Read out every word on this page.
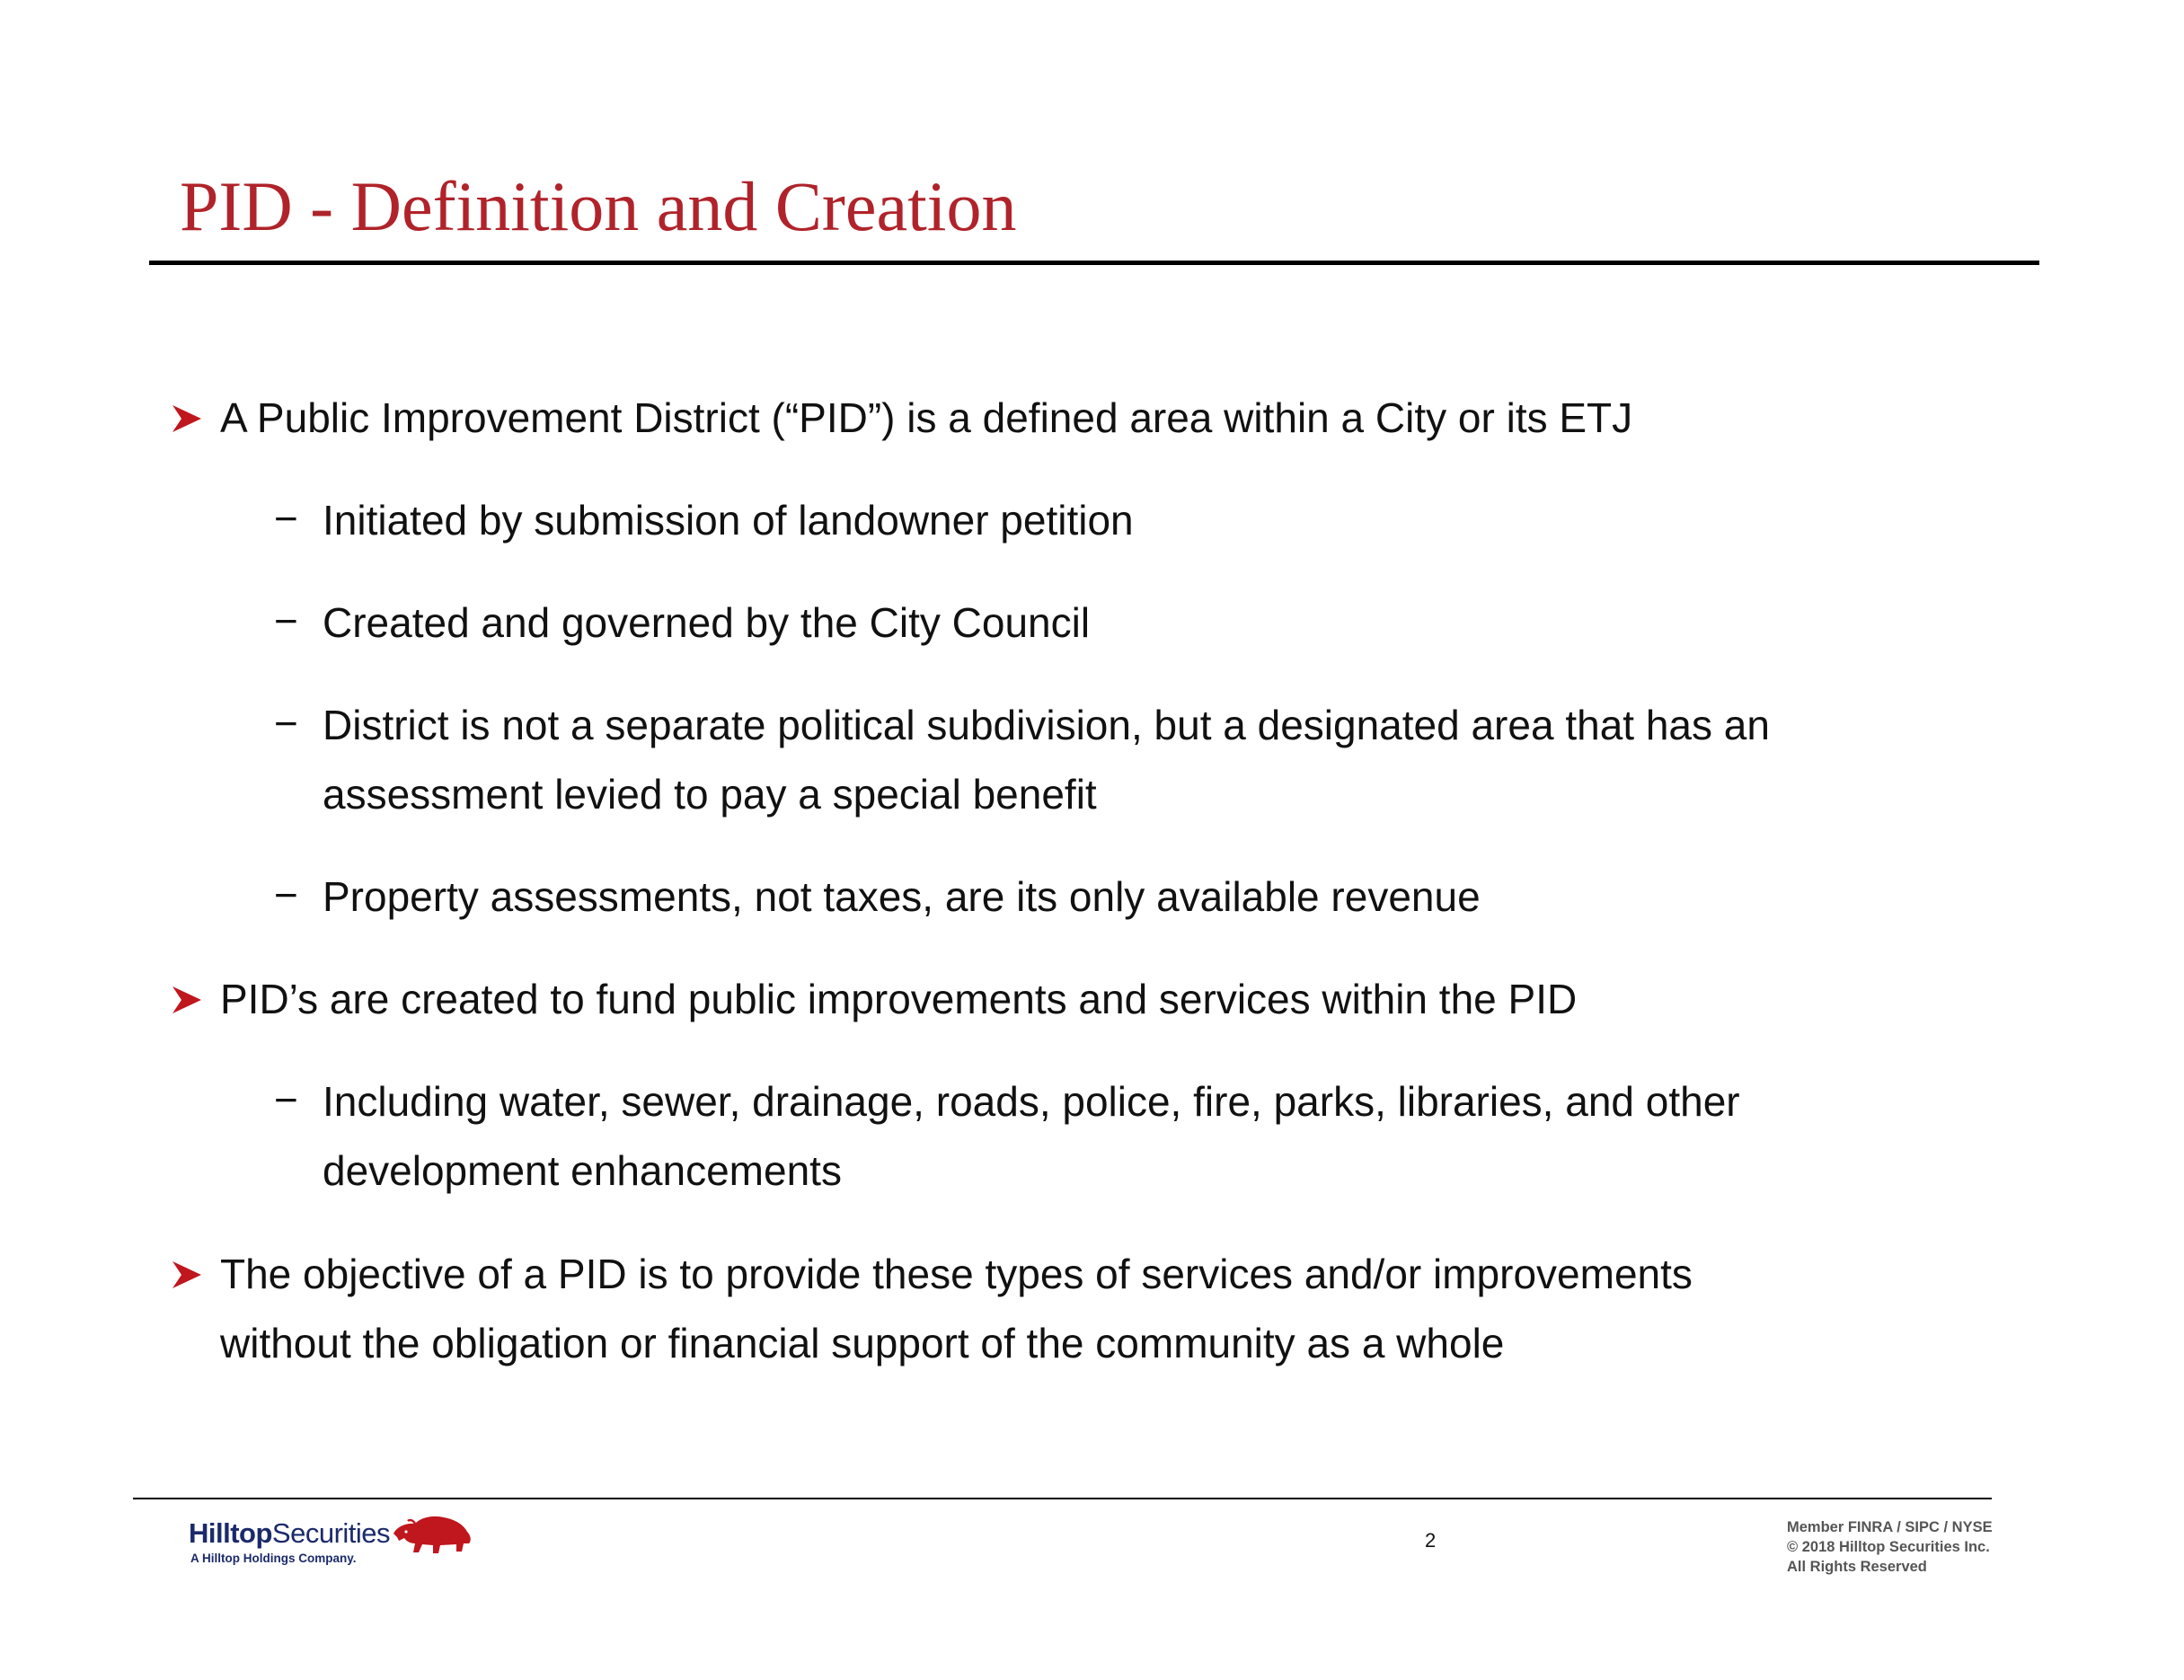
PID - Definition and Creation
A Public Improvement District (“PID”) is a defined area within a City or its ETJ
− Initiated by submission of landowner petition
− Created and governed by the City Council
− District is not a separate political subdivision, but a designated area that has an
assessment levied to pay a special benefit
− Property assessments, not taxes, are its only available revenue
PID’s are created to fund public improvements and services within the PID
− Including water, sewer, drainage, roads, police, fire, parks, libraries, and other
development enhancements
The objective of a PID is to provide these types of services and/or improvements
without the obligation or financial support of the community as a whole
HilltopSecurities
A Hilltop Holdings Company.
2
Member FINRA / SIPC / NYSE
© 2018 Hilltop Securities Inc.
All Rights Reserved
